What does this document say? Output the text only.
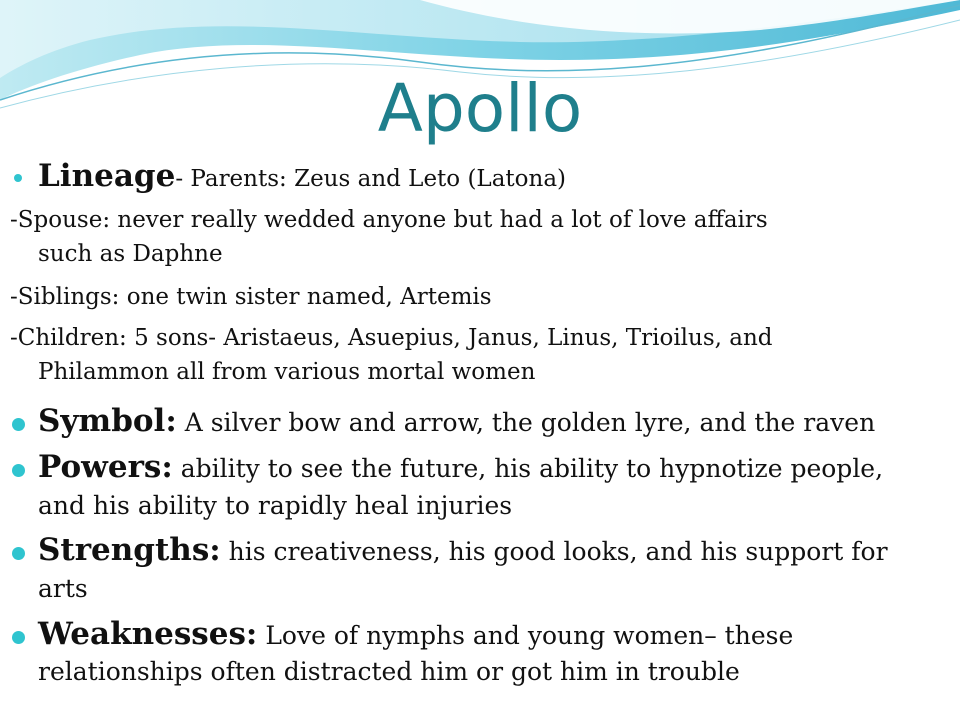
Apollo
Lineage- Parents: Zeus and Leto (Latona)
-Spouse: never really wedded anyone but had a lot of love affairs
such as Daphne
-Siblings: one twin sister named, Artemis
-Children: 5 sons- Aristaeus, Asuepius, Janus, Linus, Trioilus, and
Philammon all from various mortal women
Symbol: A silver bow and arrow, the golden lyre, and the raven
Powers: ability to see the future, his ability to hypnotize people,
and his ability to rapidly heal injuries
Strengths: his creativeness, his good looks, and his support for
arts
Weaknesses: Love of nymphs and young women– these
relationships often distracted him or got him in trouble
